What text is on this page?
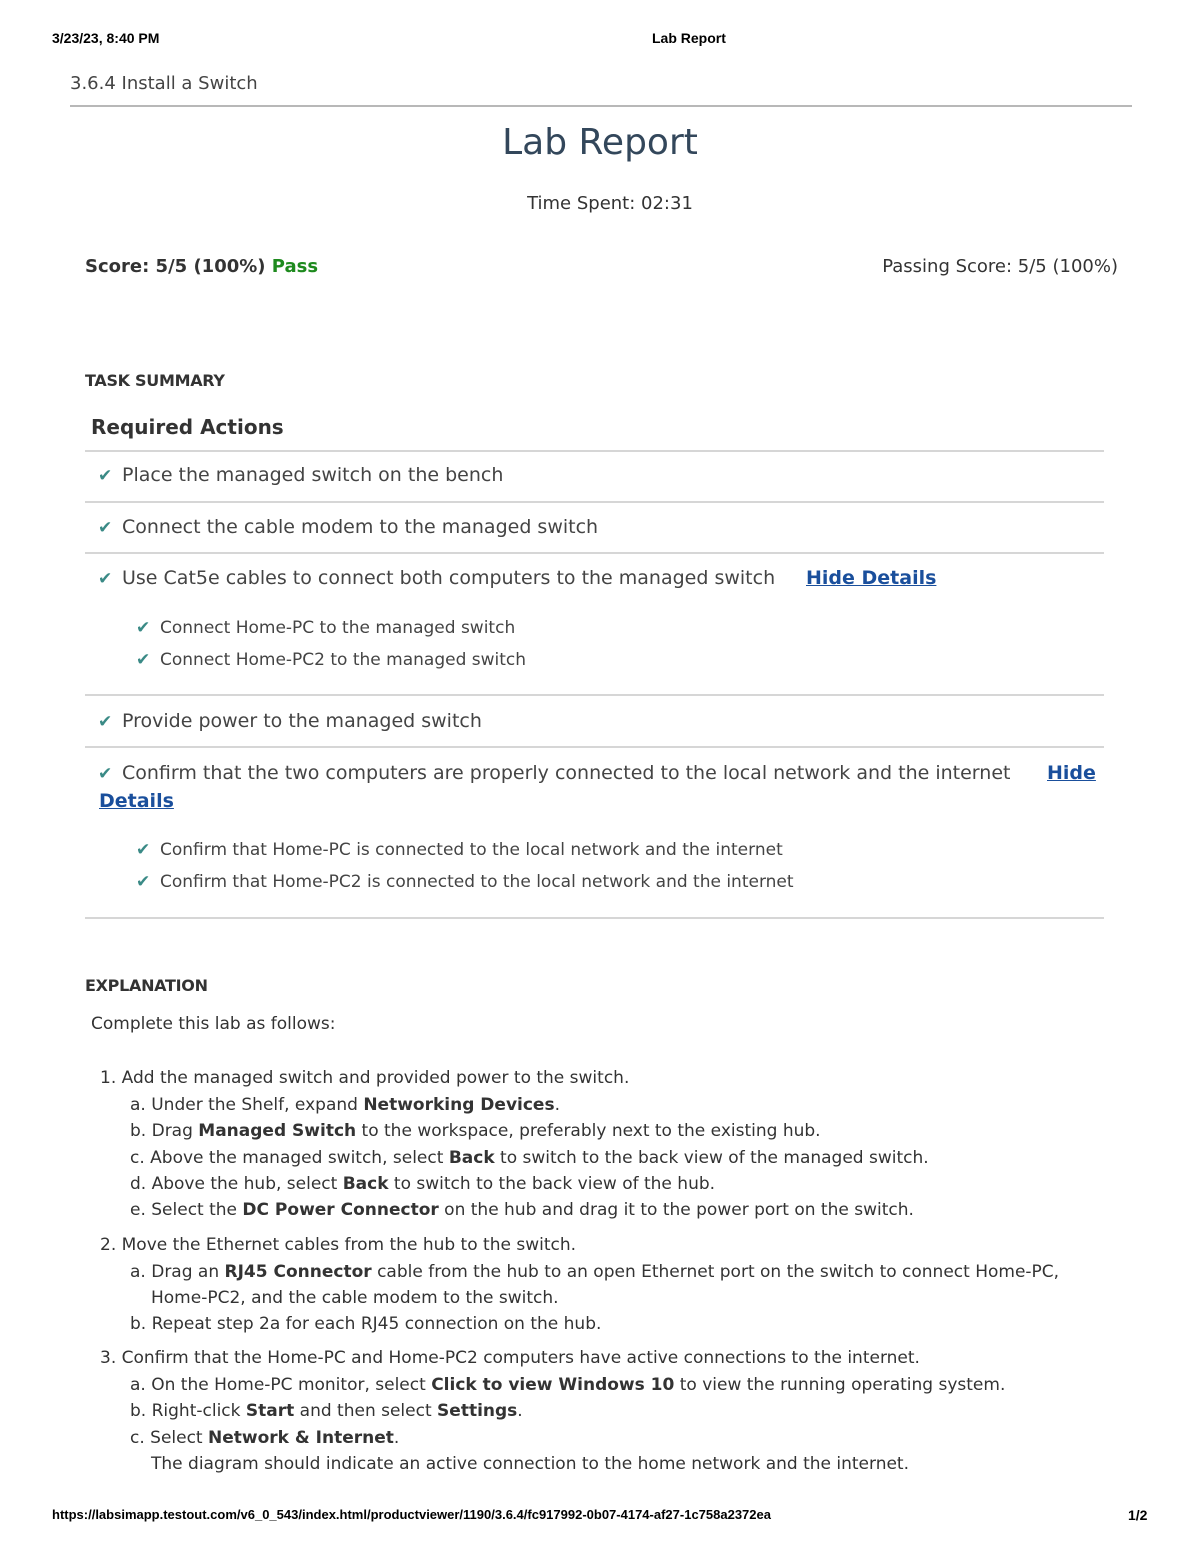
3/23/23, 8:40 PM	Lab Report
3.6.4 Install a Switch
Lab Report
Time Spent: 02:31
Score: 5/5 (100%) Pass	Passing Score: 5/5 (100%)
TASK SUMMARY
Required Actions
✔ Place the managed switch on the bench
✔ Connect the cable modem to the managed switch
✔ Use Cat5e cables to connect both computers to the managed switch Hide Details
✔ Connect Home-PC to the managed switch
✔ Connect Home-PC2 to the managed switch
✔ Provide power to the managed switch
✔ Confirm that the two computers are properly connected to the local network and the internet Hide
Details
✔ Confirm that Home-PC is connected to the local network and the internet
✔ Confirm that Home-PC2 is connected to the local network and the internet
EXPLANATION
Complete this lab as follows:
1. Add the managed switch and provided power to the switch.
a. Under the Shelf, expand Networking Devices.
b. Drag Managed Switch to the workspace, preferably next to the existing hub.
c. Above the managed switch, select Back to switch to the back view of the managed switch.
d. Above the hub, select Back to switch to the back view of the hub.
e. Select the DC Power Connector on the hub and drag it to the power port on the switch.
2. Move the Ethernet cables from the hub to the switch.
a. Drag an RJ45 Connector cable from the hub to an open Ethernet port on the switch to connect Home-PC,
Home-PC2, and the cable modem to the switch.
b. Repeat step 2a for each RJ45 connection on the hub.
3. Confirm that the Home-PC and Home-PC2 computers have active connections to the internet.
a. On the Home-PC monitor, select Click to view Windows 10 to view the running operating system.
b. Right-click Start and then select Settings.
c. Select Network & Internet.
The diagram should indicate an active connection to the home network and the internet.
https://labsimapp.testout.com/v6_0_543/index.html/productviewer/1190/3.6.4/fc917992-0b07-4174-af27-1c758a2372ea	1/2
